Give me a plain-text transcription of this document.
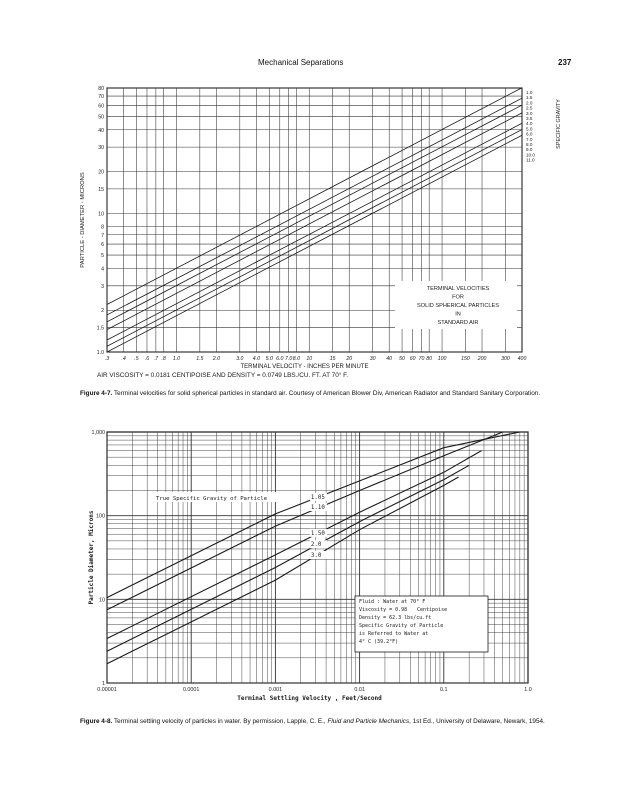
Mechanical Separations	237
.3 .4 .5 .6 .7 .8 1.0	1.5 2.0	3.0 4.0 5.0 6.0 7.0 8.0 10	15 20	30 40 50 60 70 80 100	150 200	300 400
1.0
1.5
2
3
4
5
6
7
8
10
15
20
30
40
50
60
70
80
1.0
1.5
2.0
2.5
3.0
3.5
4.0
5.0
6.0
7.0
8.0
9.0
10.0
11.0
SPECIFIC GRAVITY
PARTICLE - DIAMETER - MICRONS
TERMINAL VELOCITIES
FOR
SOLID SPHERICAL PARTICLES
IN
STANDARD AIR
TERMINAL VELOCITY - INCHES PER MINUTE
AIR VISCOSITY = 0.0181 CENTIPOISE AND DENSITY = 0.0749 LBS./CU. FT. AT 70° F.
0.00001	0.0001	0.001	0.01	0.1	1.0
1
10
100
1,000
True Specific Gravity of Particle	1.05
1.10
1.50
2.0
3.0
Fluid : Water at 70° F
Viscosity = 0.98 Centipoise
Density = 62.3 lbs/cu.ft
Specific Gravity of Particle
is Referred to Water at
4° C (39.2°F)
Particle Diameter, Microns
Terminal Settling Velocity , Feet/Second
Figure 4-7. Terminal velocities for solid spherical particles in standard air. Courtesy of American Blower Div, American Radiator and Standard Sanitary Corporation.
Figure 4-8. Terminal settling velocity of particles in water. By permission, Lapple, C. E., Fluid and Particle Mechanics, 1st Ed., University of Delaware, Newark, 1954.
